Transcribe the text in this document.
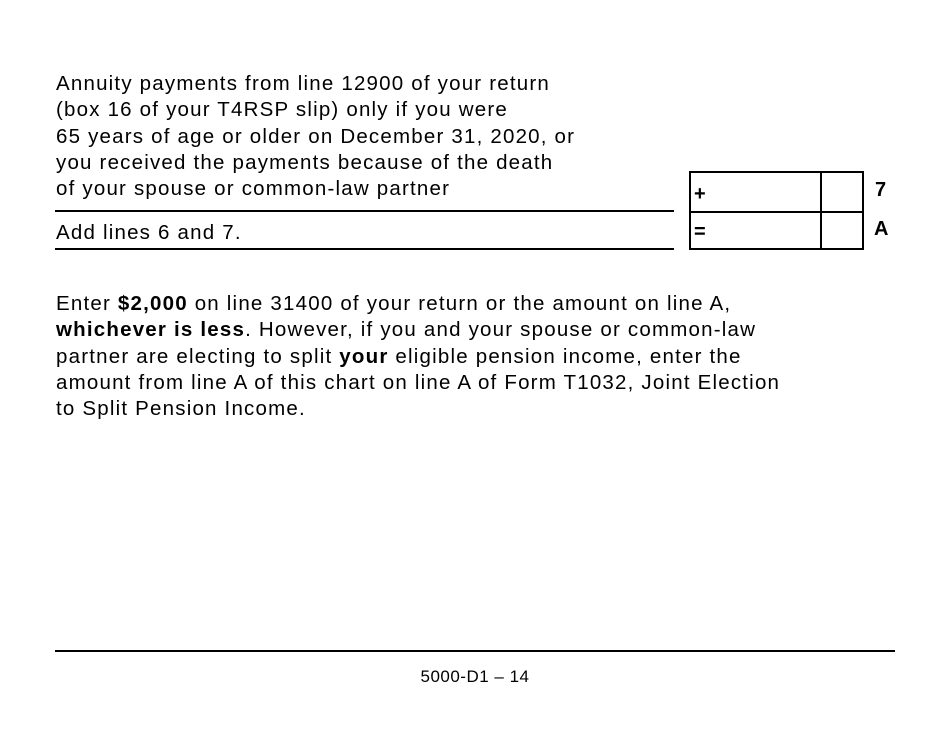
Annuity payments from line 12900 of your return
(box 16 of your T4RSP slip) only if you were
65 years of age or older on December 31, 2020, or
you received the payments because of the death
of your spouse or common-law partner
Add lines 6 and 7.
+	7
=	A
Enter $2,000 on line 31400 of your return or the amount on line A,
whichever is less. However, if you and your spouse or common-law
partner are electing to split your eligible pension income, enter the
amount from line A of this chart on line A of Form T1032, Joint Election
to Split Pension Income.
5000-D1 – 14
